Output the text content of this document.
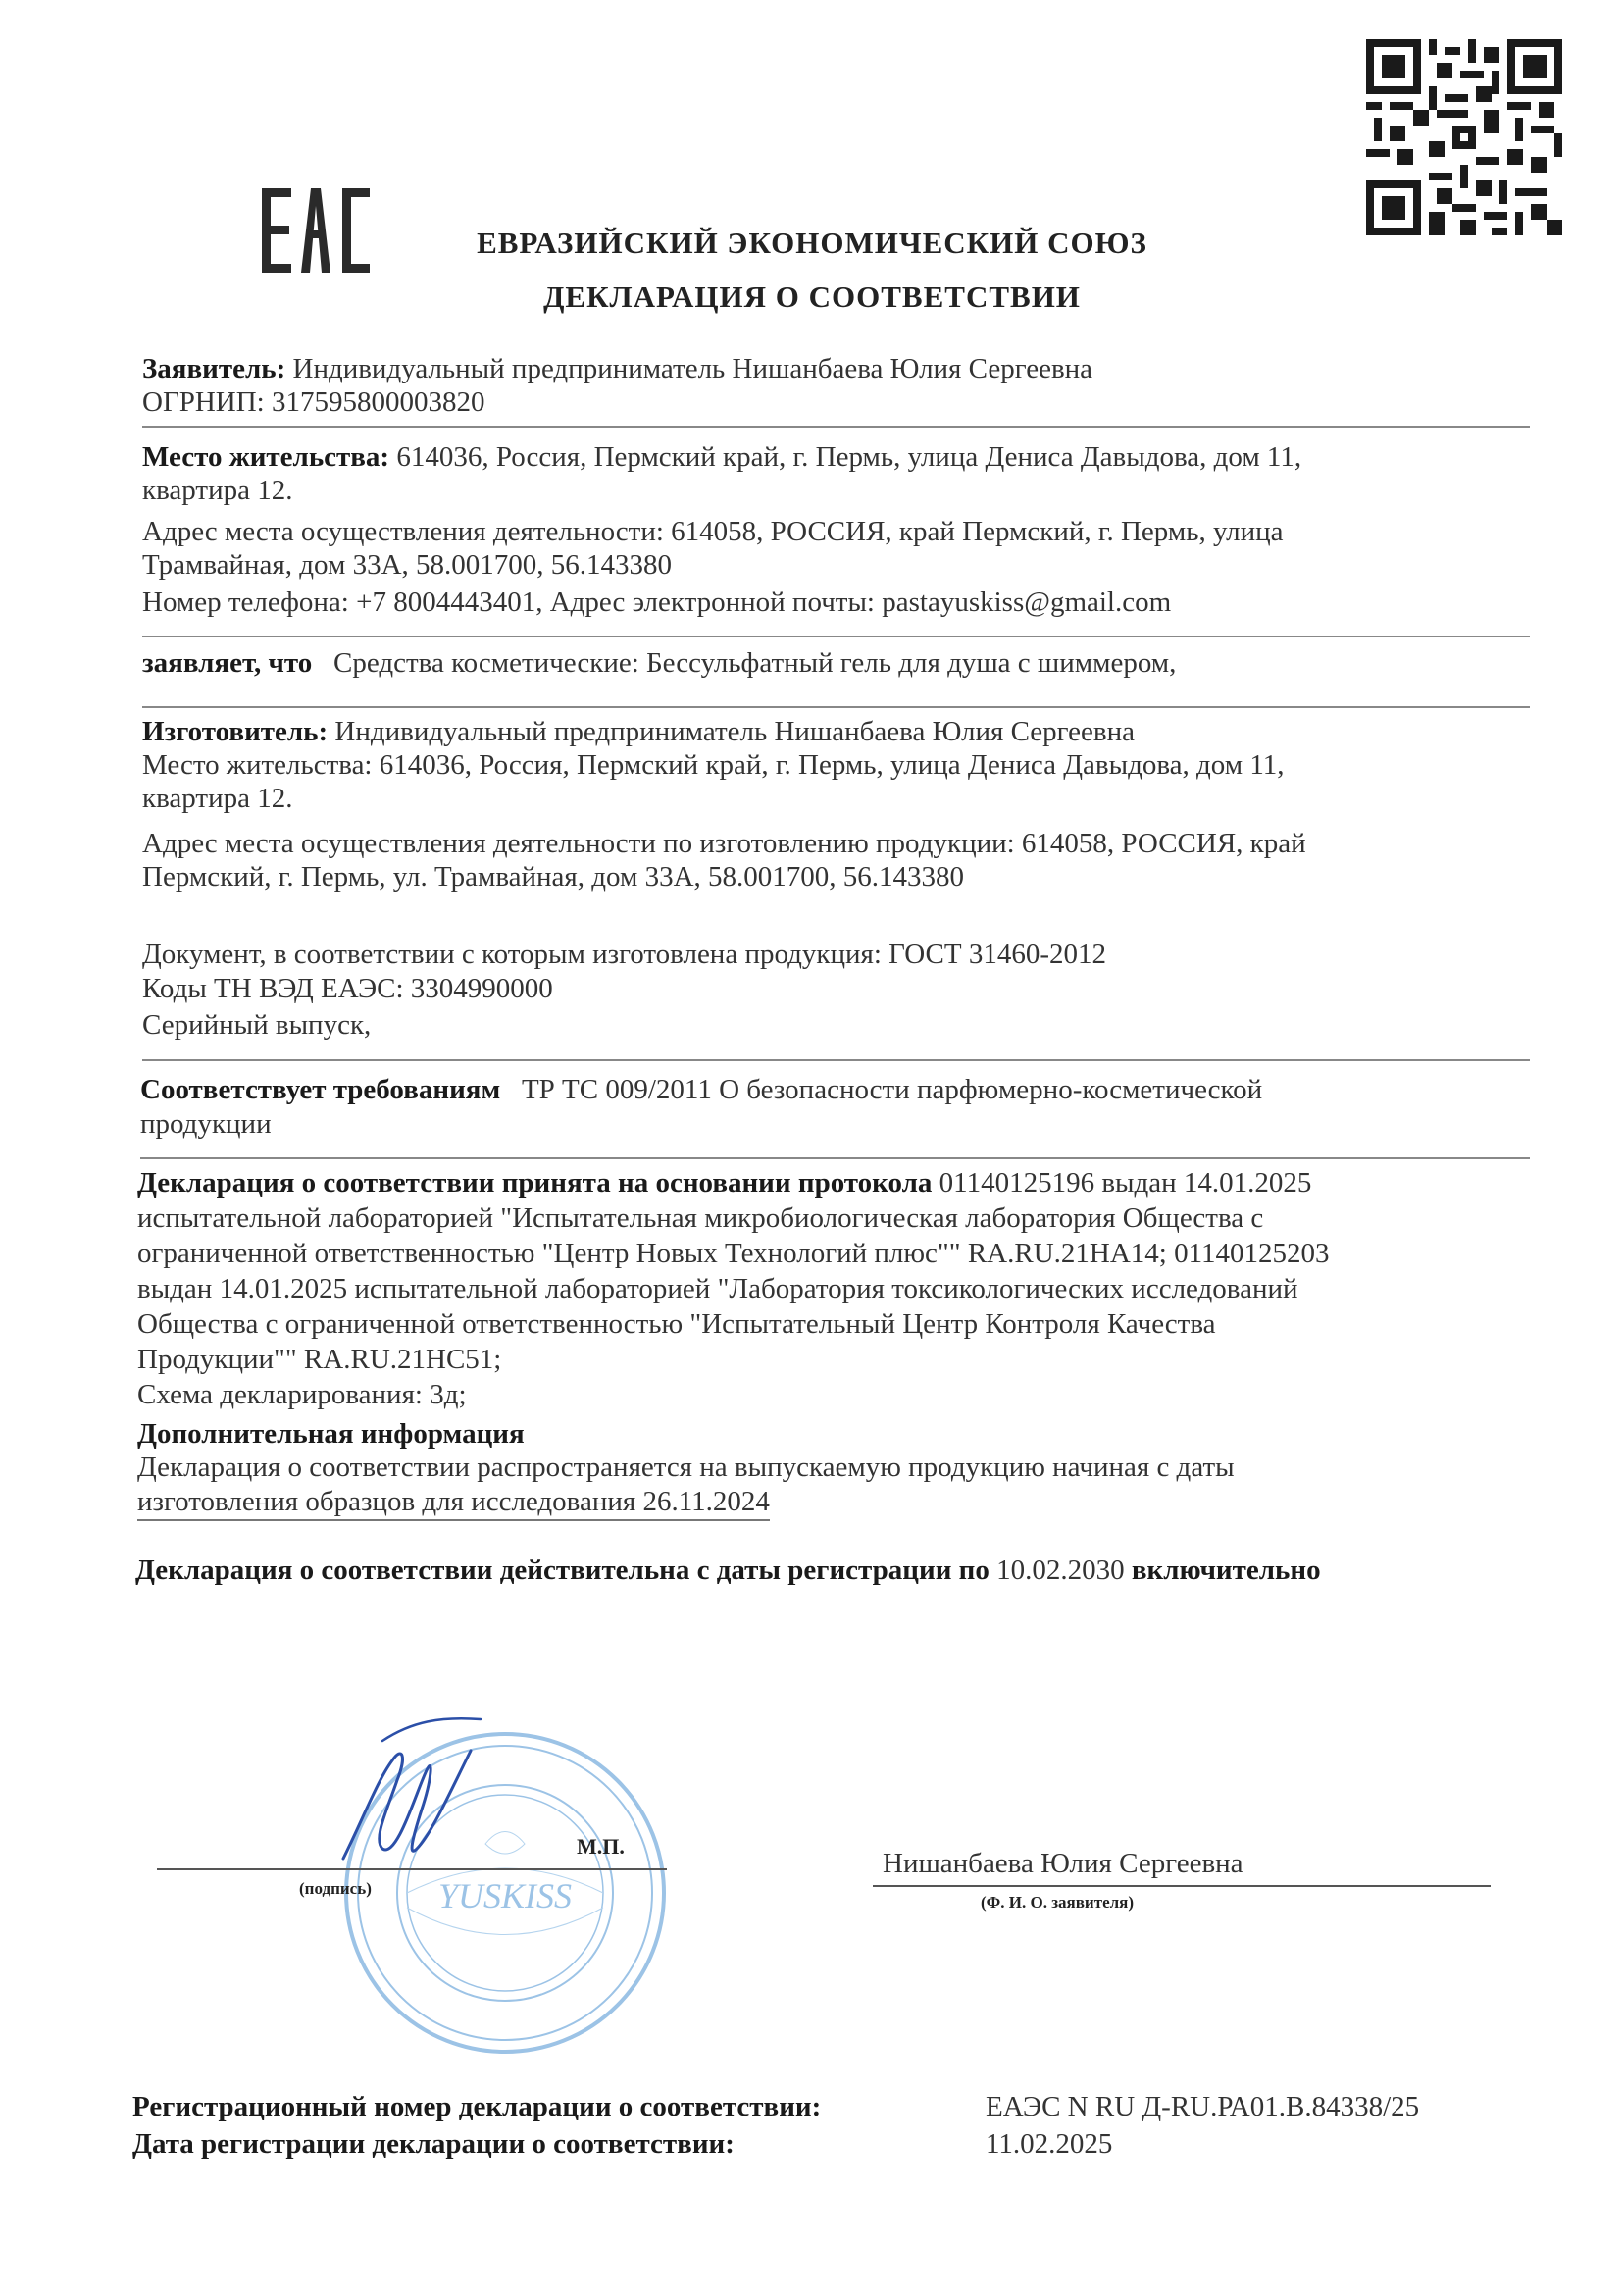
ЕВРАЗИЙСКИЙ ЭКОНОМИЧЕСКИЙ СОЮЗ
ДЕКЛАРАЦИЯ О СООТВЕТСТВИИ
Заявитель: Индивидуальный предприниматель Нишанбаева Юлия Сергеевна
ОГРНИП: 317595800003820
Место жительства: 614036, Россия, Пермский край, г. Пермь, улица Дениса Давыдова, дом 11,
квартира 12.
Адрес места осуществления деятельности: 614058, РОССИЯ, край Пермский, г. Пермь, улица
Трамвайная, дом 33А, 58.001700, 56.143380
Номер телефона: +7 8004443401, Адрес электронной почты: pastayuskiss@gmail.com
заявляет, что Средства косметические: Бессульфатный гель для душа с шиммером,
Изготовитель: Индивидуальный предприниматель Нишанбаева Юлия Сергеевна
Место жительства: 614036, Россия, Пермский край, г. Пермь, улица Дениса Давыдова, дом 11,
квартира 12.
Адрес места осуществления деятельности по изготовлению продукции: 614058, РОССИЯ, край
Пермский, г. Пермь, ул. Трамвайная, дом 33А, 58.001700, 56.143380
Документ, в соответствии с которым изготовлена продукция: ГОСТ 31460-2012
Коды ТН ВЭД ЕАЭС: 3304990000
Серийный выпуск,
Соответствует требованиям ТР ТС 009/2011 О безопасности парфюмерно-косметической
продукции
Декларация о соответствии принята на основании протокола 01140125196 выдан 14.01.2025
испытательной лабораторией "Испытательная микробиологическая лаборатория Общества с
ограниченной ответственностью "Центр Новых Технологий плюс"" RA.RU.21НА14; 01140125203
выдан 14.01.2025 испытательной лабораторией "Лаборатория токсикологических исследований
Общества с ограниченной ответственностью "Испытательный Центр Контроля Качества
Продукции"" RA.RU.21НС51;
Схема декларирования: 3д;
Дополнительная информация
Декларация о соответствии распространяется на выпускаемую продукцию начиная с даты
изготовления образцов для исследования 26.11.2024
Декларация о соответствии действительна с даты регистрации по 10.02.2030 включительно
YUSKISS
М.П.
(подпись)
Нишанбаева Юлия Сергеевна
(Ф. И. О. заявителя)
Регистрационный номер декларации о соответствии:	ЕАЭС N RU Д-RU.РА01.В.84338/25
Дата регистрации декларации о соответствии:	11.02.2025
